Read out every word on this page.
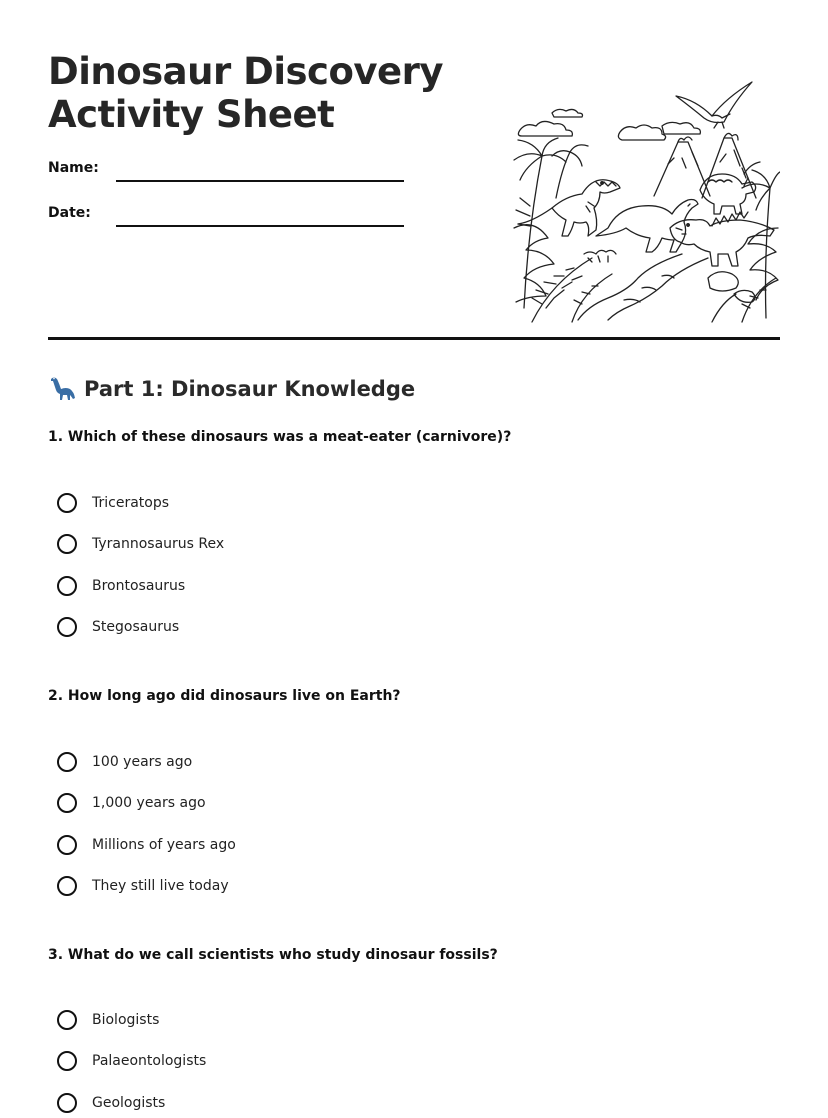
Dinosaur Discovery
Activity Sheet
Name:
Date:
Part 1: Dinosaur Knowledge
1. Which of these dinosaurs was a meat-eater (carnivore)?
Triceratops
Tyrannosaurus Rex
Brontosaurus
Stegosaurus
2. How long ago did dinosaurs live on Earth?
100 years ago
1,000 years ago
Millions of years ago
They still live today
3. What do we call scientists who study dinosaur fossils?
Biologists
Palaeontologists
Geologists
